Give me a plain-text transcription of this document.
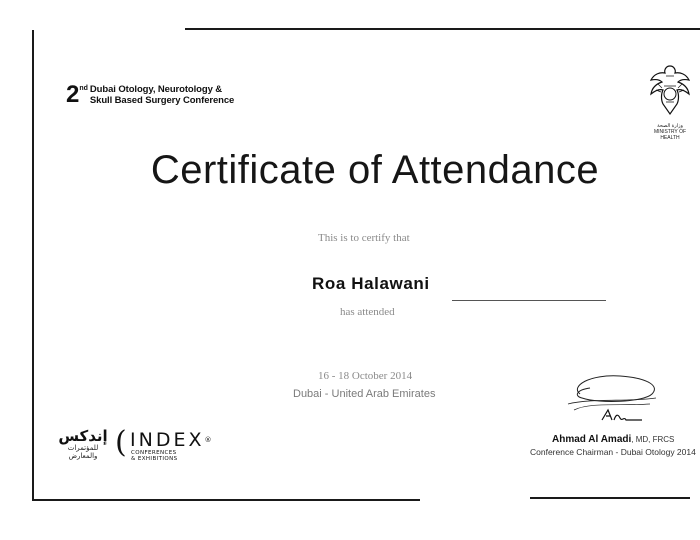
2 nd Dubai Otology, Neurotology &
Skull Based Surgery Conference
وزارة الصحة
MINISTRY OF HEALTH
Certificate of Attendance
This is to certify that
Roa Halawani
has attended
16 - 18 October 2014
Dubai - United Arab Emirates
Ahmad Al Amadi, MD, FRCS
Conference Chairman - Dubai Otology 2014
إندكس
للمؤتمرات والمعارض ( INDEX®
CONFERENCES
& EXHIBITIONS
